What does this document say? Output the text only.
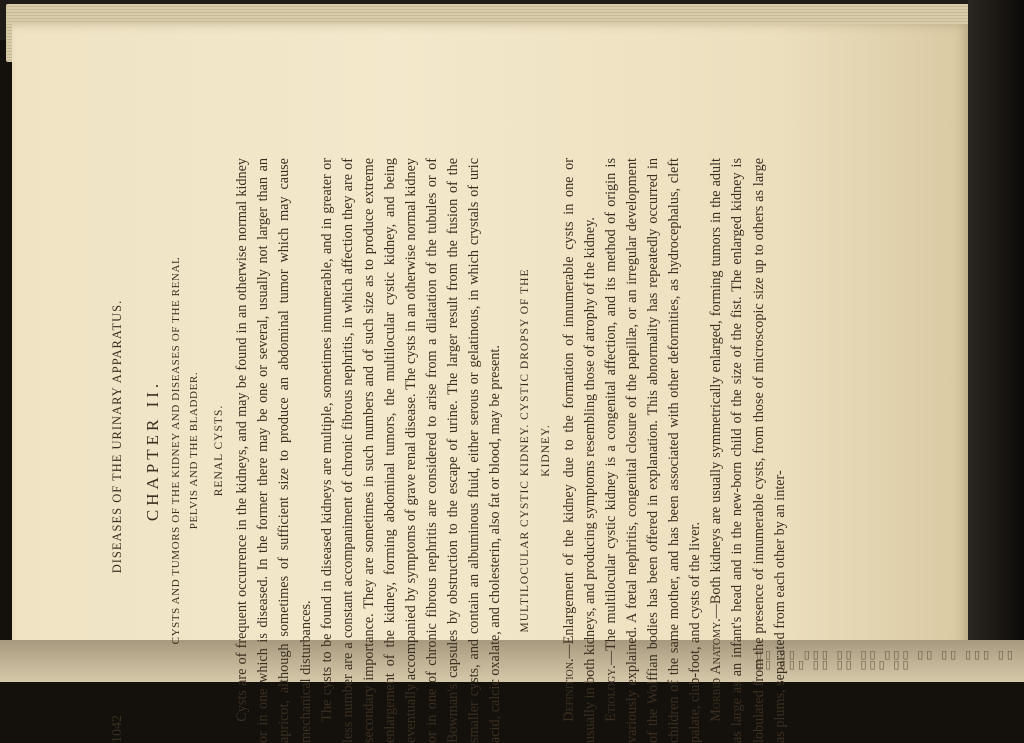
▯▯ ▯▯ ▯▯▯ ▯▯ ▯▯ ▯▯▯ ▯▯ ▯▯ ▯▯▯ ▯▯ ▯▯ ▯▯▯ ▯▯ ▯▯ ▯▯▯ ▯▯
1042
DISEASES OF THE URINARY APPARATUS. CHAPTER II. CYSTS AND TUMORS OF THE KIDNEY AND DISEASES OF THE RENAL PELVIS AND THE BLADDER.	RENAL CYSTS. Cysts are of frequent occurrence in the kidneys, and may be found in an otherwise normal kidney or in one which is diseased. In the former there may be one or several, usually not larger than an apricot, although sometimes of sufficient size to produce an abdominal tumor which may cause mechanical disturbances. The cysts to be found in diseased kidneys are multiple, sometimes innumerable, and in greater or less number are a constant accompaniment of chronic fibrous nephritis, in which affection they are of secondary importance. They are sometimes in such numbers and of such size as to produce extreme enlargement of the kidney, forming abdominal tumors, the multilocular cystic kidney, and being eventually accompanied by symptoms of grave renal disease. The cysts in an otherwise normal kidney or in one of chronic fibrous nephritis are considered to arise from a dilatation of the tubules or of Bowman's capsules by obstruction to the escape of urine. The larger result from the fusion of the smaller cysts, and contain an albuminous fluid, either serous or gelatinous, in which crystals of uric acid, calcic oxalate, and cholesterin, also fat or blood, may be present.	MULTILOCULAR CYSTIC KIDNEY. CYSTIC DROPSY OF THE KIDNEY.

Definition.—Enlargement of the kidney due to the formation of innumerable cysts in one or usually in both kidneys, and producing symptoms resembling those of atrophy of the kidney. Etiology.—The multilocular cystic kidney is a congenital affection, and its method of origin is variously explained. A fœtal nephritis, congenital closure of the papillæ, or an irregular development of the Wolffian bodies has been offered in explanation. This abnormality has repeatedly occurred in children of the same mother, and has been associated with other deformities, as hydrocephalus, cleft palate, club-foot, and cysts of the liver. Morbid Anatomy.—Both kidneys are usually symmetrically enlarged, forming tumors in the adult as large as an infant's head and in the new-born child of the size of the fist. The enlarged kidney is lobulated from the presence of innumerable cysts, from those of microscopic size up to others as large as plums, separated from each other by an inter-
